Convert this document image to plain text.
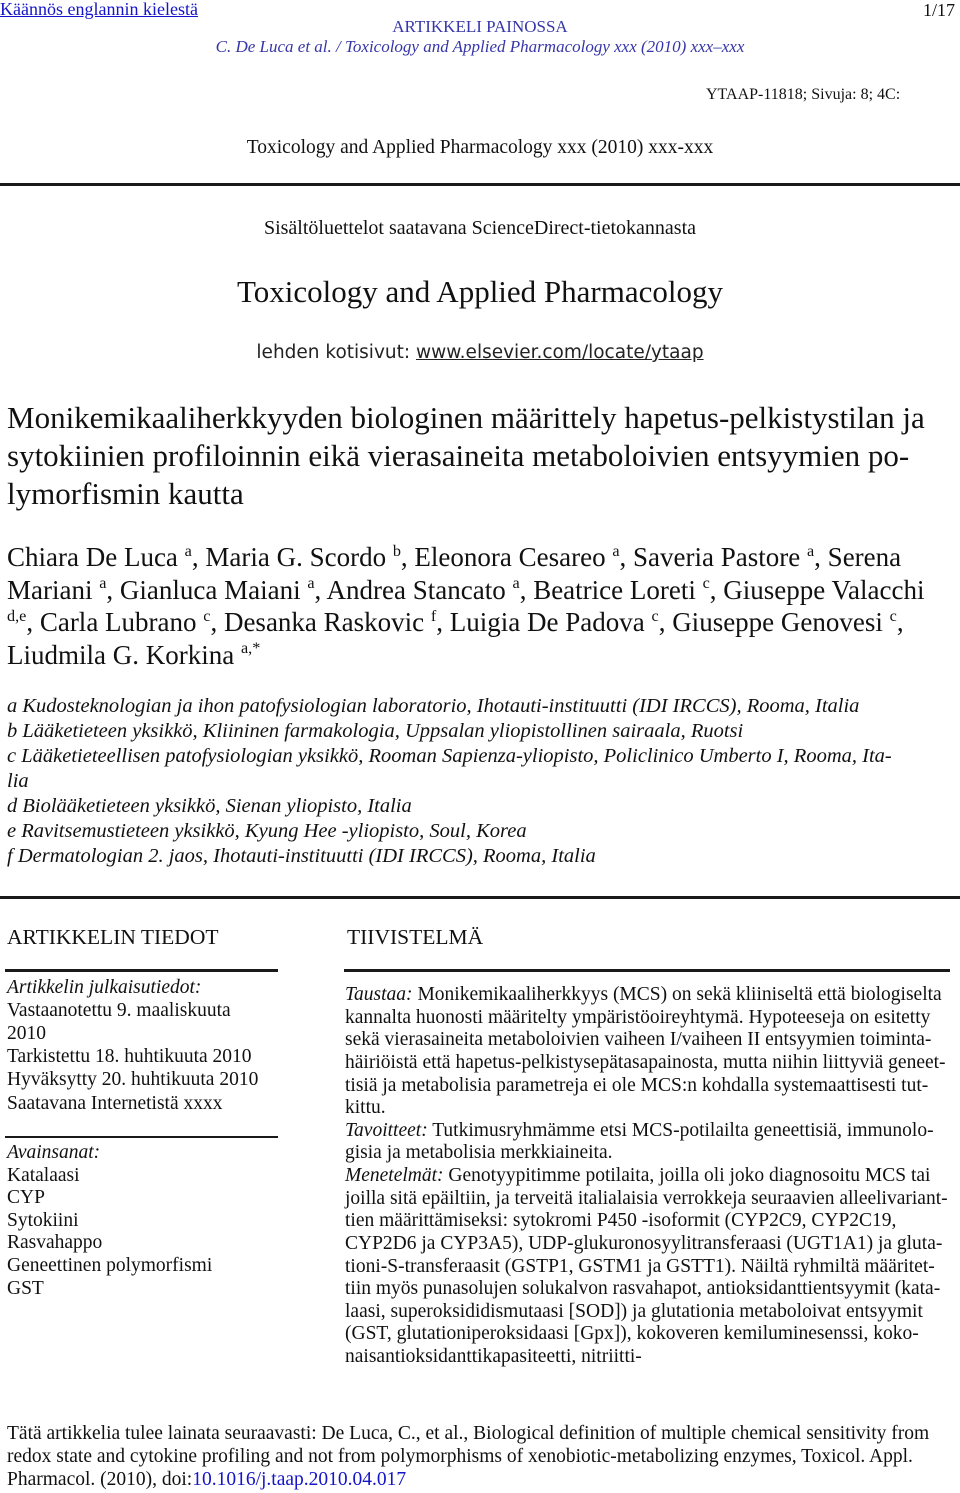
Käännös englannin kielestä	1/17
ARTIKKELI PAINOSSA
C. De Luca et al. / Toxicology and Applied Pharmacology xxx (2010) xxx–xxx
YTAAP-11818; Sivuja: 8; 4C:
Toxicology and Applied Pharmacology xxx (2010) xxx-xxx
Sisältöluettelot saatavana ScienceDirect-tietokannasta
Toxicology and Applied Pharmacology
lehden kotisivut: www.elsevier.com/locate/ytaap
Monikemikaaliherkkyyden biologinen määrittely hapetus-pelkistystilan ja
sytokiinien profiloinnin eikä vierasaineita metaboloivien entsyymien po-
lymorfismin kautta
Chiara De Luca $^a$, Maria G. Scordo $^b$, Eleonora Cesareo $^a$, Saveria Pastore $^a$, Serena
Mariani $^a$, Gianluca Maiani $^a$, Andrea Stancato $^a$, Beatrice Loreti $^c$, Giuseppe Valacchi
$^{d,e}$, Carla Lubrano $^c$, Desanka Raskovic $^f$, Luigia De Padova $^c$, Giuseppe Genovesi $^c$,
Liudmila G. Korkina $^{a,*}$
a Kudosteknologian ja ihon patofysiologian laboratorio, Ihotauti-instituutti (IDI IRCCS), Rooma, Italia
b Lääketieteen yksikkö, Kliininen farmakologia, Uppsalan yliopistollinen sairaala, Ruotsi
c Lääketieteellisen patofysiologian yksikkö, Rooman Sapienza-yliopisto, Policlinico Umberto I, Rooma, Ita-
lia
d Biolääketieteen yksikkö, Sienan yliopisto, Italia
e Ravitsemustieteen yksikkö, Kyung Hee -yliopisto, Soul, Korea
f Dermatologian 2. jaos, Ihotauti-instituutti (IDI IRCCS), Rooma, Italia
ARTIKKELIN TIEDOT
Artikkelin julkaisutiedot:
Vastaanotettu 9. maaliskuuta
2010
Tarkistettu 18. huhtikuuta 2010
Hyväksytty 20. huhtikuuta 2010
Saatavana Internetistä xxxx
Avainsanat:
Katalaasi
CYP
Sytokiini
Rasvahappo
Geneettinen polymorfismi
GST
TIIVISTELMÄ
Taustaa: Monikemikaaliherkkyys (MCS) on sekä kliiniseltä että biologiselta
kannalta huonosti määritelty ympäristöoireyhtymä. Hypoteeseja on esitetty
sekä vierasaineita metaboloivien vaiheen I/vaiheen II entsyymien toiminta-
häiriöistä että hapetus-pelkistysepätasapainosta, mutta niihin liittyviä geneet-
tisiä ja metabolisia parametreja ei ole MCS:n kohdalla systemaattisesti tut-
kittu.
Tavoitteet: Tutkimusryhmämme etsi MCS-potilailta geneettisiä, immunolo-
gisia ja metabolisia merkkiaineita.
Menetelmät: Genotyypitimme potilaita, joilla oli joko diagnosoitu MCS tai
joilla sitä epäiltiin, ja terveitä italialaisia verrokkeja seuraavien alleelivariant-
tien määrittämiseksi: sytokromi P450 -isoformit (CYP2C9, CYP2C19,
CYP2D6 ja CYP3A5), UDP-glukuronosyylitransferaasi (UGT1A1) ja gluta-
tioni-S-transferaasit (GSTP1, GSTM1 ja GSTT1). Näiltä ryhmiltä määritet-
tiin myös punasolujen solukalvon rasvahapot, antioksidanttientsyymit (kata-
laasi, superoksididismutaasi [SOD]) ja glutationia metaboloivat entsyymit
(GST, glutationiperoksidaasi [Gpx]), kokoveren kemiluminesenssi, koko-
naisantioksidanttikapasiteetti, nitriitti-
Tätä artikkelia tulee lainata seuraavasti: De Luca, C., et al., Biological definition of multiple chemical sensitivity from
redox state and cytokine profiling and not from polymorphisms of xenobiotic-metabolizing enzymes, Toxicol. Appl.
Pharmacol. (2010), doi:10.1016/j.taap.2010.04.017
